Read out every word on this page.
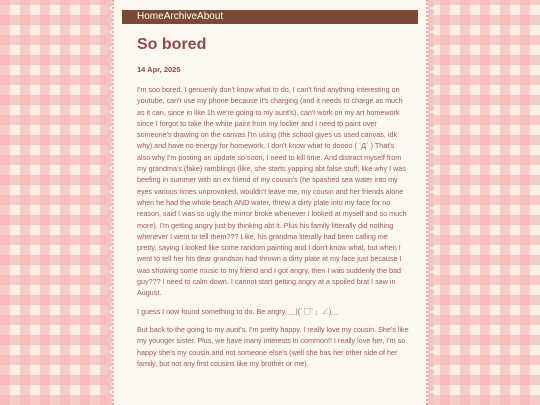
HomeArchiveAbout
So bored
14 Apr, 2025

I'm soo bored. I genuenly don't know what to do, I can't find anything interesting on youtube, can't use my phone because it's charging (and it needs to charge as much as it can, since in like 1h we're going to my aunt's), can't work on my art homework since I forgot to take the white paint from my locker and I need to paint over someone's drawing on the canvas I'm using (the school gives us used canvas, idk why) and have no energy for homework. I don't know what to doooo ( ´Д` ) That's also why I'm posting an update so soon, I need to kill time. And distract myself from my grandma's (fake) ramblings (like, she starts yapping abt false stuff, like why I was beefing in summer with an ex friend of my cousin's (he spashed sea water into my eyes various times unprovoked, wouldn't leave me, my cousin and her friends alone when he had the whole beach AND water, threw a dirty plate into my face for no reason, said I was so ugly the mirror broke whenever I looked at myself and so much more). I'm getting angry just by thinking abt it. Plus his family litterally did nothing whenever I went to tell them??? Like, his grandma literally had been calling me pretty, saying I looked like some random painting and I don't know what, but when I went to tell her his dear grandson had thrown a dirty plate at my face just because I was showing some music to my friend and I got angry, then I was suddenly the bad guy??? I need to calm down. I cannot start getting angry at a spoiled brat I saw in August.

I guess I now found something to do. Be angry. ＿|(ﾟ□ﾟ」∠)＿

But back to the going to my aunt's, I'm pretty happy. I really love my cousin. She's like my younger sister. Plus, we have many interests in common!! I really love her, I'm so happy she's my cousin and not someone else's (well she has her other side of her family, but not any first cousins like my brother or me).
